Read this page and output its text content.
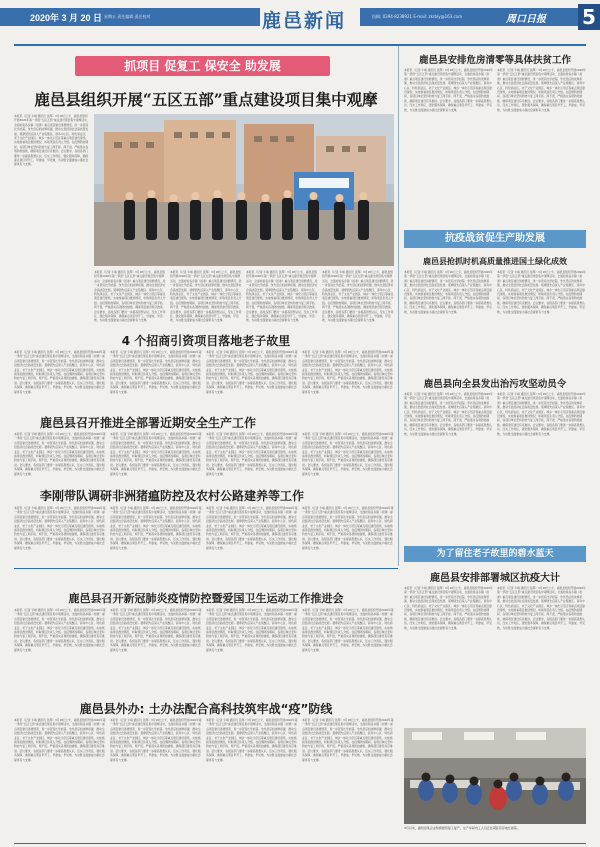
2020年 3 月 20 日 星期五 责任编辑 责任校对	鹿邑新闻	投稿: 0394-8238921 E-mail: zkrbly@163.com	周口日报 5
抓项目 促复工 保安全 助发展
鹿邑县组织开展“五区五部”重点建设项目集中观摩
本报讯（记者 牛峰 通讯员 张辉）3月18日上午，鹿邑县组织开展2020年第一季度“五区五部”重点建设项目集中观摩活动，全面检验各乡镇（街道）重点项目建设进展情况，进一步营造比学赶超、争先恐后的浓厚氛围，推动全县经济社会高质量发展。观摩团先后深入产业集聚区、商务中心区、特色商业区、老子文化产业园区、城乡一体化示范区等重点项目建设现场，实地察看项目推进情况，听取项目负责人介绍。在疫情防控期间，各项目单位坚持防控与复工两手抓、两不误，严格落实各项防控措施，确保项目建设有序推进。会议要求，各级各部门要进一步提高思想认识，压实工作责任，强化服务保障，确保重点项目早开工、早建成、早见效，为决胜全面建成小康社会提供有力支撑。
本报讯（记者 牛峰 通讯员 张辉）3月18日上午，鹿邑县组织开展2020年第一季度“五区五部”重点建设项目集中观摩活动，全面检验各乡镇（街道）重点项目建设进展情况，进一步营造比学赶超、争先恐后的浓厚氛围，推动全县经济社会高质量发展。观摩团先后深入产业集聚区、商务中心区、特色商业区、老子文化产业园区、城乡一体化示范区等重点项目建设现场，实地察看项目推进情况，听取项目负责人介绍。在疫情防控期间，各项目单位坚持防控与复工两手抓、两不误，严格落实各项防控措施，确保项目建设有序推进。会议要求，各级各部门要进一步提高思想认识，压实工作责任，强化服务保障，确保重点项目早开工、早建成、早见效，为决胜全面建成小康社会提供有力支撑。
本报讯（记者 牛峰 通讯员 张辉）3月18日上午，鹿邑县组织开展2020年第一季度“五区五部”重点建设项目集中观摩活动，全面检验各乡镇（街道）重点项目建设进展情况，进一步营造比学赶超、争先恐后的浓厚氛围，推动全县经济社会高质量发展。观摩团先后深入产业集聚区、商务中心区、特色商业区、老子文化产业园区、城乡一体化示范区等重点项目建设现场，实地察看项目推进情况，听取项目负责人介绍。在疫情防控期间，各项目单位坚持防控与复工两手抓、两不误，严格落实各项防控措施，确保项目建设有序推进。会议要求，各级各部门要进一步提高思想认识，压实工作责任，强化服务保障，确保重点项目早开工、早建成、早见效，为决胜全面建成小康社会提供有力支撑。
本报讯（记者 牛峰 通讯员 张辉）3月18日上午，鹿邑县组织开展2020年第一季度“五区五部”重点建设项目集中观摩活动，全面检验各乡镇（街道）重点项目建设进展情况，进一步营造比学赶超、争先恐后的浓厚氛围，推动全县经济社会高质量发展。观摩团先后深入产业集聚区、商务中心区、特色商业区、老子文化产业园区、城乡一体化示范区等重点项目建设现场，实地察看项目推进情况，听取项目负责人介绍。在疫情防控期间，各项目单位坚持防控与复工两手抓、两不误，严格落实各项防控措施，确保项目建设有序推进。会议要求，各级各部门要进一步提高思想认识，压实工作责任，强化服务保障，确保重点项目早开工、早建成、早见效，为决胜全面建成小康社会提供有力支撑。
本报讯（记者 牛峰 通讯员 张辉）3月18日上午，鹿邑县组织开展2020年第一季度“五区五部”重点建设项目集中观摩活动，全面检验各乡镇（街道）重点项目建设进展情况，进一步营造比学赶超、争先恐后的浓厚氛围，推动全县经济社会高质量发展。观摩团先后深入产业集聚区、商务中心区、特色商业区、老子文化产业园区、城乡一体化示范区等重点项目建设现场，实地察看项目推进情况，听取项目负责人介绍。在疫情防控期间，各项目单位坚持防控与复工两手抓、两不误，严格落实各项防控措施，确保项目建设有序推进。会议要求，各级各部门要进一步提高思想认识，压实工作责任，强化服务保障，确保重点项目早开工、早建成、早见效，为决胜全面建成小康社会提供有力支撑。
4 个招商引资项目落地老子故里
本报讯（记者 牛峰 通讯员 张辉）3月18日上午，鹿邑县组织开展2020年第一季度“五区五部”重点建设项目集中观摩活动，全面检验各乡镇（街道）重点项目建设进展情况，进一步营造比学赶超、争先恐后的浓厚氛围，推动全县经济社会高质量发展。观摩团先后深入产业集聚区、商务中心区、特色商业区、老子文化产业园区、城乡一体化示范区等重点项目建设现场，实地察看项目推进情况，听取项目负责人介绍。在疫情防控期间，各项目单位坚持防控与复工两手抓、两不误，严格落实各项防控措施，确保项目建设有序推进。会议要求，各级各部门要进一步提高思想认识，压实工作责任，强化服务保障，确保重点项目早开工、早建成、早见效，为决胜全面建成小康社会提供有力支撑。
本报讯（记者 牛峰 通讯员 张辉）3月18日上午，鹿邑县组织开展2020年第一季度“五区五部”重点建设项目集中观摩活动，全面检验各乡镇（街道）重点项目建设进展情况，进一步营造比学赶超、争先恐后的浓厚氛围，推动全县经济社会高质量发展。观摩团先后深入产业集聚区、商务中心区、特色商业区、老子文化产业园区、城乡一体化示范区等重点项目建设现场，实地察看项目推进情况，听取项目负责人介绍。在疫情防控期间，各项目单位坚持防控与复工两手抓、两不误，严格落实各项防控措施，确保项目建设有序推进。会议要求，各级各部门要进一步提高思想认识，压实工作责任，强化服务保障，确保重点项目早开工、早建成、早见效，为决胜全面建成小康社会提供有力支撑。
本报讯（记者 牛峰 通讯员 张辉）3月18日上午，鹿邑县组织开展2020年第一季度“五区五部”重点建设项目集中观摩活动，全面检验各乡镇（街道）重点项目建设进展情况，进一步营造比学赶超、争先恐后的浓厚氛围，推动全县经济社会高质量发展。观摩团先后深入产业集聚区、商务中心区、特色商业区、老子文化产业园区、城乡一体化示范区等重点项目建设现场，实地察看项目推进情况，听取项目负责人介绍。在疫情防控期间，各项目单位坚持防控与复工两手抓、两不误，严格落实各项防控措施，确保项目建设有序推进。会议要求，各级各部门要进一步提高思想认识，压实工作责任，强化服务保障，确保重点项目早开工、早建成、早见效，为决胜全面建成小康社会提供有力支撑。
本报讯（记者 牛峰 通讯员 张辉）3月18日上午，鹿邑县组织开展2020年第一季度“五区五部”重点建设项目集中观摩活动，全面检验各乡镇（街道）重点项目建设进展情况，进一步营造比学赶超、争先恐后的浓厚氛围，推动全县经济社会高质量发展。观摩团先后深入产业集聚区、商务中心区、特色商业区、老子文化产业园区、城乡一体化示范区等重点项目建设现场，实地察看项目推进情况，听取项目负责人介绍。在疫情防控期间，各项目单位坚持防控与复工两手抓、两不误，严格落实各项防控措施，确保项目建设有序推进。会议要求，各级各部门要进一步提高思想认识，压实工作责任，强化服务保障，确保重点项目早开工、早建成、早见效，为决胜全面建成小康社会提供有力支撑。
鹿邑县召开推进全部署近期安全生产工作
本报讯（记者 牛峰 通讯员 张辉）3月18日上午，鹿邑县组织开展2020年第一季度“五区五部”重点建设项目集中观摩活动，全面检验各乡镇（街道）重点项目建设进展情况，进一步营造比学赶超、争先恐后的浓厚氛围，推动全县经济社会高质量发展。观摩团先后深入产业集聚区、商务中心区、特色商业区、老子文化产业园区、城乡一体化示范区等重点项目建设现场，实地察看项目推进情况，听取项目负责人介绍。在疫情防控期间，各项目单位坚持防控与复工两手抓、两不误，严格落实各项防控措施，确保项目建设有序推进。会议要求，各级各部门要进一步提高思想认识，压实工作责任，强化服务保障，确保重点项目早开工、早建成、早见效，为决胜全面建成小康社会提供有力支撑。
本报讯（记者 牛峰 通讯员 张辉）3月18日上午，鹿邑县组织开展2020年第一季度“五区五部”重点建设项目集中观摩活动，全面检验各乡镇（街道）重点项目建设进展情况，进一步营造比学赶超、争先恐后的浓厚氛围，推动全县经济社会高质量发展。观摩团先后深入产业集聚区、商务中心区、特色商业区、老子文化产业园区、城乡一体化示范区等重点项目建设现场，实地察看项目推进情况，听取项目负责人介绍。在疫情防控期间，各项目单位坚持防控与复工两手抓、两不误，严格落实各项防控措施，确保项目建设有序推进。会议要求，各级各部门要进一步提高思想认识，压实工作责任，强化服务保障，确保重点项目早开工、早建成、早见效，为决胜全面建成小康社会提供有力支撑。
本报讯（记者 牛峰 通讯员 张辉）3月18日上午，鹿邑县组织开展2020年第一季度“五区五部”重点建设项目集中观摩活动，全面检验各乡镇（街道）重点项目建设进展情况，进一步营造比学赶超、争先恐后的浓厚氛围，推动全县经济社会高质量发展。观摩团先后深入产业集聚区、商务中心区、特色商业区、老子文化产业园区、城乡一体化示范区等重点项目建设现场，实地察看项目推进情况，听取项目负责人介绍。在疫情防控期间，各项目单位坚持防控与复工两手抓、两不误，严格落实各项防控措施，确保项目建设有序推进。会议要求，各级各部门要进一步提高思想认识，压实工作责任，强化服务保障，确保重点项目早开工、早建成、早见效，为决胜全面建成小康社会提供有力支撑。
本报讯（记者 牛峰 通讯员 张辉）3月18日上午，鹿邑县组织开展2020年第一季度“五区五部”重点建设项目集中观摩活动，全面检验各乡镇（街道）重点项目建设进展情况，进一步营造比学赶超、争先恐后的浓厚氛围，推动全县经济社会高质量发展。观摩团先后深入产业集聚区、商务中心区、特色商业区、老子文化产业园区、城乡一体化示范区等重点项目建设现场，实地察看项目推进情况，听取项目负责人介绍。在疫情防控期间，各项目单位坚持防控与复工两手抓、两不误，严格落实各项防控措施，确保项目建设有序推进。会议要求，各级各部门要进一步提高思想认识，压实工作责任，强化服务保障，确保重点项目早开工、早建成、早见效，为决胜全面建成小康社会提供有力支撑。
李刚带队调研非洲猪瘟防控及农村公路建养等工作
本报讯（记者 牛峰 通讯员 张辉）3月18日上午，鹿邑县组织开展2020年第一季度“五区五部”重点建设项目集中观摩活动，全面检验各乡镇（街道）重点项目建设进展情况，进一步营造比学赶超、争先恐后的浓厚氛围，推动全县经济社会高质量发展。观摩团先后深入产业集聚区、商务中心区、特色商业区、老子文化产业园区、城乡一体化示范区等重点项目建设现场，实地察看项目推进情况，听取项目负责人介绍。在疫情防控期间，各项目单位坚持防控与复工两手抓、两不误，严格落实各项防控措施，确保项目建设有序推进。会议要求，各级各部门要进一步提高思想认识，压实工作责任，强化服务保障，确保重点项目早开工、早建成、早见效，为决胜全面建成小康社会提供有力支撑。
本报讯（记者 牛峰 通讯员 张辉）3月18日上午，鹿邑县组织开展2020年第一季度“五区五部”重点建设项目集中观摩活动，全面检验各乡镇（街道）重点项目建设进展情况，进一步营造比学赶超、争先恐后的浓厚氛围，推动全县经济社会高质量发展。观摩团先后深入产业集聚区、商务中心区、特色商业区、老子文化产业园区、城乡一体化示范区等重点项目建设现场，实地察看项目推进情况，听取项目负责人介绍。在疫情防控期间，各项目单位坚持防控与复工两手抓、两不误，严格落实各项防控措施，确保项目建设有序推进。会议要求，各级各部门要进一步提高思想认识，压实工作责任，强化服务保障，确保重点项目早开工、早建成、早见效，为决胜全面建成小康社会提供有力支撑。
本报讯（记者 牛峰 通讯员 张辉）3月18日上午，鹿邑县组织开展2020年第一季度“五区五部”重点建设项目集中观摩活动，全面检验各乡镇（街道）重点项目建设进展情况，进一步营造比学赶超、争先恐后的浓厚氛围，推动全县经济社会高质量发展。观摩团先后深入产业集聚区、商务中心区、特色商业区、老子文化产业园区、城乡一体化示范区等重点项目建设现场，实地察看项目推进情况，听取项目负责人介绍。在疫情防控期间，各项目单位坚持防控与复工两手抓、两不误，严格落实各项防控措施，确保项目建设有序推进。会议要求，各级各部门要进一步提高思想认识，压实工作责任，强化服务保障，确保重点项目早开工、早建成、早见效，为决胜全面建成小康社会提供有力支撑。
本报讯（记者 牛峰 通讯员 张辉）3月18日上午，鹿邑县组织开展2020年第一季度“五区五部”重点建设项目集中观摩活动，全面检验各乡镇（街道）重点项目建设进展情况，进一步营造比学赶超、争先恐后的浓厚氛围，推动全县经济社会高质量发展。观摩团先后深入产业集聚区、商务中心区、特色商业区、老子文化产业园区、城乡一体化示范区等重点项目建设现场，实地察看项目推进情况，听取项目负责人介绍。在疫情防控期间，各项目单位坚持防控与复工两手抓、两不误，严格落实各项防控措施，确保项目建设有序推进。会议要求，各级各部门要进一步提高思想认识，压实工作责任，强化服务保障，确保重点项目早开工、早建成、早见效，为决胜全面建成小康社会提供有力支撑。
鹿邑县安排危房清零等具体扶贫工作
本报讯（记者 牛峰 通讯员 张辉）3月18日上午，鹿邑县组织开展2020年第一季度“五区五部”重点建设项目集中观摩活动，全面检验各乡镇（街道）重点项目建设进展情况，进一步营造比学赶超、争先恐后的浓厚氛围，推动全县经济社会高质量发展。观摩团先后深入产业集聚区、商务中心区、特色商业区、老子文化产业园区、城乡一体化示范区等重点项目建设现场，实地察看项目推进情况，听取项目负责人介绍。在疫情防控期间，各项目单位坚持防控与复工两手抓、两不误，严格落实各项防控措施，确保项目建设有序推进。会议要求，各级各部门要进一步提高思想认识，压实工作责任，强化服务保障，确保重点项目早开工、早建成、早见效，为决胜全面建成小康社会提供有力支撑。
本报讯（记者 牛峰 通讯员 张辉）3月18日上午，鹿邑县组织开展2020年第一季度“五区五部”重点建设项目集中观摩活动，全面检验各乡镇（街道）重点项目建设进展情况，进一步营造比学赶超、争先恐后的浓厚氛围，推动全县经济社会高质量发展。观摩团先后深入产业集聚区、商务中心区、特色商业区、老子文化产业园区、城乡一体化示范区等重点项目建设现场，实地察看项目推进情况，听取项目负责人介绍。在疫情防控期间，各项目单位坚持防控与复工两手抓、两不误，严格落实各项防控措施，确保项目建设有序推进。会议要求，各级各部门要进一步提高思想认识，压实工作责任，强化服务保障，确保重点项目早开工、早建成、早见效，为决胜全面建成小康社会提供有力支撑。
抗疫战贫促生产助发展
鹿邑县抢抓时机高质量推进国土绿化成效
本报讯（记者 牛峰 通讯员 张辉）3月18日上午，鹿邑县组织开展2020年第一季度“五区五部”重点建设项目集中观摩活动，全面检验各乡镇（街道）重点项目建设进展情况，进一步营造比学赶超、争先恐后的浓厚氛围，推动全县经济社会高质量发展。观摩团先后深入产业集聚区、商务中心区、特色商业区、老子文化产业园区、城乡一体化示范区等重点项目建设现场，实地察看项目推进情况，听取项目负责人介绍。在疫情防控期间，各项目单位坚持防控与复工两手抓、两不误，严格落实各项防控措施，确保项目建设有序推进。会议要求，各级各部门要进一步提高思想认识，压实工作责任，强化服务保障，确保重点项目早开工、早建成、早见效，为决胜全面建成小康社会提供有力支撑。
本报讯（记者 牛峰 通讯员 张辉）3月18日上午，鹿邑县组织开展2020年第一季度“五区五部”重点建设项目集中观摩活动，全面检验各乡镇（街道）重点项目建设进展情况，进一步营造比学赶超、争先恐后的浓厚氛围，推动全县经济社会高质量发展。观摩团先后深入产业集聚区、商务中心区、特色商业区、老子文化产业园区、城乡一体化示范区等重点项目建设现场，实地察看项目推进情况，听取项目负责人介绍。在疫情防控期间，各项目单位坚持防控与复工两手抓、两不误，严格落实各项防控措施，确保项目建设有序推进。会议要求，各级各部门要进一步提高思想认识，压实工作责任，强化服务保障，确保重点项目早开工、早建成、早见效，为决胜全面建成小康社会提供有力支撑。
鹿邑县向全县发出治污攻坚动员令
本报讯（记者 牛峰 通讯员 张辉）3月18日上午，鹿邑县组织开展2020年第一季度“五区五部”重点建设项目集中观摩活动，全面检验各乡镇（街道）重点项目建设进展情况，进一步营造比学赶超、争先恐后的浓厚氛围，推动全县经济社会高质量发展。观摩团先后深入产业集聚区、商务中心区、特色商业区、老子文化产业园区、城乡一体化示范区等重点项目建设现场，实地察看项目推进情况，听取项目负责人介绍。在疫情防控期间，各项目单位坚持防控与复工两手抓、两不误，严格落实各项防控措施，确保项目建设有序推进。会议要求，各级各部门要进一步提高思想认识，压实工作责任，强化服务保障，确保重点项目早开工、早建成、早见效，为决胜全面建成小康社会提供有力支撑。
本报讯（记者 牛峰 通讯员 张辉）3月18日上午，鹿邑县组织开展2020年第一季度“五区五部”重点建设项目集中观摩活动，全面检验各乡镇（街道）重点项目建设进展情况，进一步营造比学赶超、争先恐后的浓厚氛围，推动全县经济社会高质量发展。观摩团先后深入产业集聚区、商务中心区、特色商业区、老子文化产业园区、城乡一体化示范区等重点项目建设现场，实地察看项目推进情况，听取项目负责人介绍。在疫情防控期间，各项目单位坚持防控与复工两手抓、两不误，严格落实各项防控措施，确保项目建设有序推进。会议要求，各级各部门要进一步提高思想认识，压实工作责任，强化服务保障，确保重点项目早开工、早建成、早见效，为决胜全面建成小康社会提供有力支撑。
为了留住老子故里的碧水蓝天
鹿邑县安排部署城区抗疫大计
本报讯（记者 牛峰 通讯员 张辉）3月18日上午，鹿邑县组织开展2020年第一季度“五区五部”重点建设项目集中观摩活动，全面检验各乡镇（街道）重点项目建设进展情况，进一步营造比学赶超、争先恐后的浓厚氛围，推动全县经济社会高质量发展。观摩团先后深入产业集聚区、商务中心区、特色商业区、老子文化产业园区、城乡一体化示范区等重点项目建设现场，实地察看项目推进情况，听取项目负责人介绍。在疫情防控期间，各项目单位坚持防控与复工两手抓、两不误，严格落实各项防控措施，确保项目建设有序推进。会议要求，各级各部门要进一步提高思想认识，压实工作责任，强化服务保障，确保重点项目早开工、早建成、早见效，为决胜全面建成小康社会提供有力支撑。
本报讯（记者 牛峰 通讯员 张辉）3月18日上午，鹿邑县组织开展2020年第一季度“五区五部”重点建设项目集中观摩活动，全面检验各乡镇（街道）重点项目建设进展情况，进一步营造比学赶超、争先恐后的浓厚氛围，推动全县经济社会高质量发展。观摩团先后深入产业集聚区、商务中心区、特色商业区、老子文化产业园区、城乡一体化示范区等重点项目建设现场，实地察看项目推进情况，听取项目负责人介绍。在疫情防控期间，各项目单位坚持防控与复工两手抓、两不误，严格落实各项防控措施，确保项目建设有序推进。会议要求，各级各部门要进一步提高思想认识，压实工作责任，强化服务保障，确保重点项目早开工、早建成、早见效，为决胜全面建成小康社会提供有力支撑。
鹿邑县召开新冠肺炎疫情防控暨爱国卫生运动工作推进会
本报讯（记者 牛峰 通讯员 张辉）3月18日上午，鹿邑县组织开展2020年第一季度“五区五部”重点建设项目集中观摩活动，全面检验各乡镇（街道）重点项目建设进展情况，进一步营造比学赶超、争先恐后的浓厚氛围，推动全县经济社会高质量发展。观摩团先后深入产业集聚区、商务中心区、特色商业区、老子文化产业园区、城乡一体化示范区等重点项目建设现场，实地察看项目推进情况，听取项目负责人介绍。在疫情防控期间，各项目单位坚持防控与复工两手抓、两不误，严格落实各项防控措施，确保项目建设有序推进。会议要求，各级各部门要进一步提高思想认识，压实工作责任，强化服务保障，确保重点项目早开工、早建成、早见效，为决胜全面建成小康社会提供有力支撑。
本报讯（记者 牛峰 通讯员 张辉）3月18日上午，鹿邑县组织开展2020年第一季度“五区五部”重点建设项目集中观摩活动，全面检验各乡镇（街道）重点项目建设进展情况，进一步营造比学赶超、争先恐后的浓厚氛围，推动全县经济社会高质量发展。观摩团先后深入产业集聚区、商务中心区、特色商业区、老子文化产业园区、城乡一体化示范区等重点项目建设现场，实地察看项目推进情况，听取项目负责人介绍。在疫情防控期间，各项目单位坚持防控与复工两手抓、两不误，严格落实各项防控措施，确保项目建设有序推进。会议要求，各级各部门要进一步提高思想认识，压实工作责任，强化服务保障，确保重点项目早开工、早建成、早见效，为决胜全面建成小康社会提供有力支撑。
本报讯（记者 牛峰 通讯员 张辉）3月18日上午，鹿邑县组织开展2020年第一季度“五区五部”重点建设项目集中观摩活动，全面检验各乡镇（街道）重点项目建设进展情况，进一步营造比学赶超、争先恐后的浓厚氛围，推动全县经济社会高质量发展。观摩团先后深入产业集聚区、商务中心区、特色商业区、老子文化产业园区、城乡一体化示范区等重点项目建设现场，实地察看项目推进情况，听取项目负责人介绍。在疫情防控期间，各项目单位坚持防控与复工两手抓、两不误，严格落实各项防控措施，确保项目建设有序推进。会议要求，各级各部门要进一步提高思想认识，压实工作责任，强化服务保障，确保重点项目早开工、早建成、早见效，为决胜全面建成小康社会提供有力支撑。
本报讯（记者 牛峰 通讯员 张辉）3月18日上午，鹿邑县组织开展2020年第一季度“五区五部”重点建设项目集中观摩活动，全面检验各乡镇（街道）重点项目建设进展情况，进一步营造比学赶超、争先恐后的浓厚氛围，推动全县经济社会高质量发展。观摩团先后深入产业集聚区、商务中心区、特色商业区、老子文化产业园区、城乡一体化示范区等重点项目建设现场，实地察看项目推进情况，听取项目负责人介绍。在疫情防控期间，各项目单位坚持防控与复工两手抓、两不误，严格落实各项防控措施，确保项目建设有序推进。会议要求，各级各部门要进一步提高思想认识，压实工作责任，强化服务保障，确保重点项目早开工、早建成、早见效，为决胜全面建成小康社会提供有力支撑。
鹿邑县外办: 土办法配合高科技筑牢战“疫”防线
本报讯（记者 牛峰 通讯员 张辉）3月18日上午，鹿邑县组织开展2020年第一季度“五区五部”重点建设项目集中观摩活动，全面检验各乡镇（街道）重点项目建设进展情况，进一步营造比学赶超、争先恐后的浓厚氛围，推动全县经济社会高质量发展。观摩团先后深入产业集聚区、商务中心区、特色商业区、老子文化产业园区、城乡一体化示范区等重点项目建设现场，实地察看项目推进情况，听取项目负责人介绍。在疫情防控期间，各项目单位坚持防控与复工两手抓、两不误，严格落实各项防控措施，确保项目建设有序推进。会议要求，各级各部门要进一步提高思想认识，压实工作责任，强化服务保障，确保重点项目早开工、早建成、早见效，为决胜全面建成小康社会提供有力支撑。
本报讯（记者 牛峰 通讯员 张辉）3月18日上午，鹿邑县组织开展2020年第一季度“五区五部”重点建设项目集中观摩活动，全面检验各乡镇（街道）重点项目建设进展情况，进一步营造比学赶超、争先恐后的浓厚氛围，推动全县经济社会高质量发展。观摩团先后深入产业集聚区、商务中心区、特色商业区、老子文化产业园区、城乡一体化示范区等重点项目建设现场，实地察看项目推进情况，听取项目负责人介绍。在疫情防控期间，各项目单位坚持防控与复工两手抓、两不误，严格落实各项防控措施，确保项目建设有序推进。会议要求，各级各部门要进一步提高思想认识，压实工作责任，强化服务保障，确保重点项目早开工、早建成、早见效，为决胜全面建成小康社会提供有力支撑。
本报讯（记者 牛峰 通讯员 张辉）3月18日上午，鹿邑县组织开展2020年第一季度“五区五部”重点建设项目集中观摩活动，全面检验各乡镇（街道）重点项目建设进展情况，进一步营造比学赶超、争先恐后的浓厚氛围，推动全县经济社会高质量发展。观摩团先后深入产业集聚区、商务中心区、特色商业区、老子文化产业园区、城乡一体化示范区等重点项目建设现场，实地察看项目推进情况，听取项目负责人介绍。在疫情防控期间，各项目单位坚持防控与复工两手抓、两不误，严格落实各项防控措施，确保项目建设有序推进。会议要求，各级各部门要进一步提高思想认识，压实工作责任，强化服务保障，确保重点项目早开工、早建成、早见效，为决胜全面建成小康社会提供有力支撑。
本报讯（记者 牛峰 通讯员 张辉）3月18日上午，鹿邑县组织开展2020年第一季度“五区五部”重点建设项目集中观摩活动，全面检验各乡镇（街道）重点项目建设进展情况，进一步营造比学赶超、争先恐后的浓厚氛围，推动全县经济社会高质量发展。观摩团先后深入产业集聚区、商务中心区、特色商业区、老子文化产业园区、城乡一体化示范区等重点项目建设现场，实地察看项目推进情况，听取项目负责人介绍。在疫情防控期间，各项目单位坚持防控与复工两手抓、两不误，严格落实各项防控措施，确保项目建设有序推进。会议要求，各级各部门要进一步提高思想认识，压实工作责任，强化服务保障，确保重点项目早开工、早建成、早见效，为决胜全面建成小康社会提供有力支撑。
3月以来，鹿邑县某企业积极组织复工复产，生产车间内工人们正在紧张有序地忙碌着。
